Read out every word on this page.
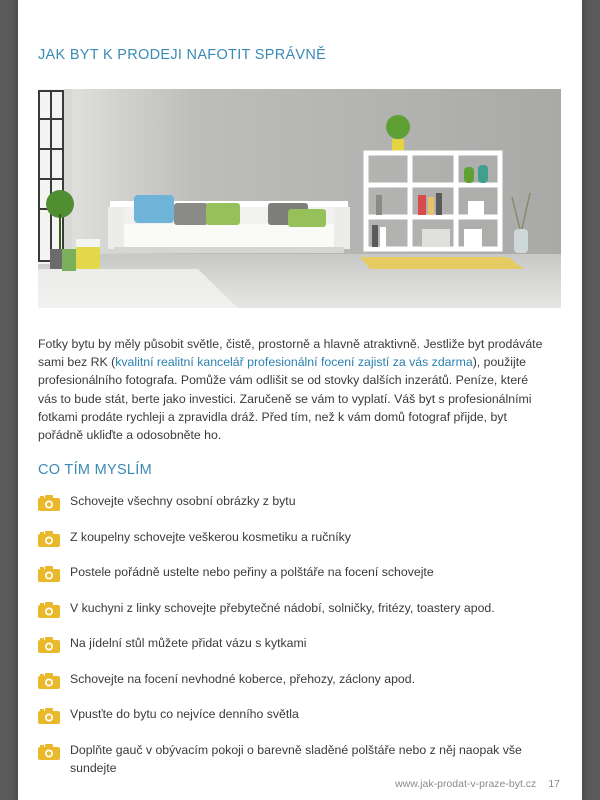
JAK BYT K PRODEJI NAFOTIT SPRÁVNĚ

Fotky bytu by měly působit světle, čistě, prostorně a hlavně atraktivně. Jestliže byt prodáváte sami bez RK (kvalitní realitní kancelář profesionální focení zajistí za vás zdarma), použijte profesionálního fotografa. Pomůže vám odlišit se od stovky dalších inzerátů. Peníze, které vás to bude stát, berte jako investici. Zaručeně se vám to vyplatí. Váš byt s profesionálními fotkami prodáte rychleji a zpravidla dráž. Před tím, než k vám domů fotograf přijde, byt pořádně ukliďte a odosobněte ho.

CO TÍM MYSLÍM
Schovejte všechny osobní obrázky z bytu
Z koupelny schovejte veškerou kosmetiku a ručníky
Postele pořádně ustelte nebo peřiny a polštáře na focení schovejte
V kuchyni z linky schovejte přebytečné nádobí, solničky, fritézy, toastery apod.
Na jídelní stůl můžete přidat vázu s kytkami
Schovejte na focení nevhodné koberce, přehozy, záclony apod.
Vpusťte do bytu co nejvíce denního světla
Doplňte gauč v obývacím pokoji o barevně sladěné polštáře nebo z něj naopak vše sundejte
www.jak-prodat-v-praze-byt.cz 17
